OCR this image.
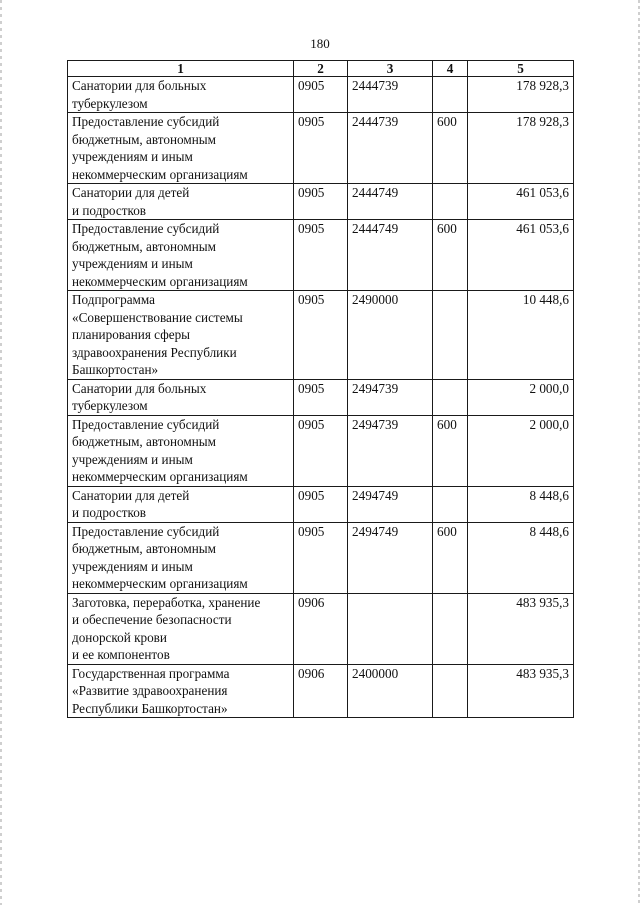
180
1	2	3	4	5

Санатории для больных
туберкулезом	0905	2444739		178 928,3

Предоставление субсидий
бюджетным, автономным
учреждениям и иным
некоммерческим организациям	0905	2444739	600	178 928,3

Санатории для детей
и подростков	0905	2444749		461 053,6

Предоставление субсидий
бюджетным, автономным
учреждениям и иным
некоммерческим организациям	0905	2444749	600	461 053,6

Подпрограмма
«Совершенствование системы
планирования сферы
здравоохранения Республики
Башкортостан»	0905	2490000		10 448,6

Санатории для больных
туберкулезом	0905	2494739		2 000,0

Предоставление субсидий
бюджетным, автономным
учреждениям и иным
некоммерческим организациям	0905	2494739	600	2 000,0

Санатории для детей
и подростков	0905	2494749		8 448,6

Предоставление субсидий
бюджетным, автономным
учреждениям и иным
некоммерческим организациям	0905	2494749	600	8 448,6

Заготовка, переработка, хранение
и обеспечение безопасности
донорской крови
и ее компонентов	0906			483 935,3

Государственная программа
«Развитие здравоохранения
Республики Башкортостан»	0906	2400000		483 935,3
